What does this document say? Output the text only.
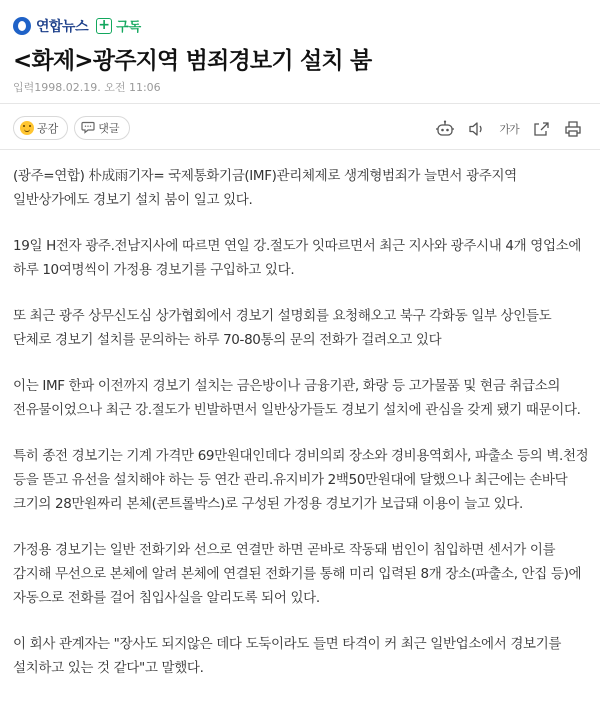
연합뉴스 + 구독
<화제>광주지역 범죄경보기 설치 붐
입력1998.02.19. 오전 11:06
공감	댓글	가가

(광주=연합) 朴成雨기자= 국제통화기금(IMF)관리체제로 생계형범죄가 늘면서 광주지역 일반상가에도 경보기 설치 붐이 일고 있다.

19일 H전자 광주.전남지사에 따르면 연일 강.절도가 잇따르면서 최근 지사와 광주시내 4개 영업소에 하루 10여명씩이 가정용 경보기를 구입하고 있다.

또 최근 광주 상무신도심 상가협회에서 경보기 설명회를 요청해오고 북구 각화동 일부 상인들도 단체로 경보기 설치를 문의하는 하루 70-80통의 문의 전화가 걸려오고 있다

이는 IMF 한파 이전까지 경보기 설치는 금은방이나 금융기관, 화랑 등 고가물품 및 현금 취급소의 전유물이었으나 최근 강.절도가 빈발하면서 일반상가들도 경보기 설치에 관심을 갖게 됐기 때문이다.

특히 종전 경보기는 기계 가격만 69만원대인데다 경비의뢰 장소와 경비용역회사, 파출소 등의 벽.천정 등을 뜯고 유선을 설치해야 하는 등 연간 관리.유지비가 2백50만원대에 달했으나 최근에는 손바닥 크기의 28만원짜리 본체(콘트롤박스)로 구성된 가정용 경보기가 보급돼 이용이 늘고 있다.

가정용 경보기는 일반 전화기와 선으로 연결만 하면 곧바로 작동돼 범인이 침입하면 센서가 이를 감지해 무선으로 본체에 알려 본체에 연결된 전화기를 통해 미리 입력된 8개 장소(파출소, 안집 등)에 자동으로 전화를 걸어 침입사실을 알리도록 되어 있다.

이 회사 관계자는 "장사도 되지않은 데다 도둑이라도 들면 타격이 커 최근 일반업소에서 경보기를 설치하고 있는 것 같다"고 말했다.
